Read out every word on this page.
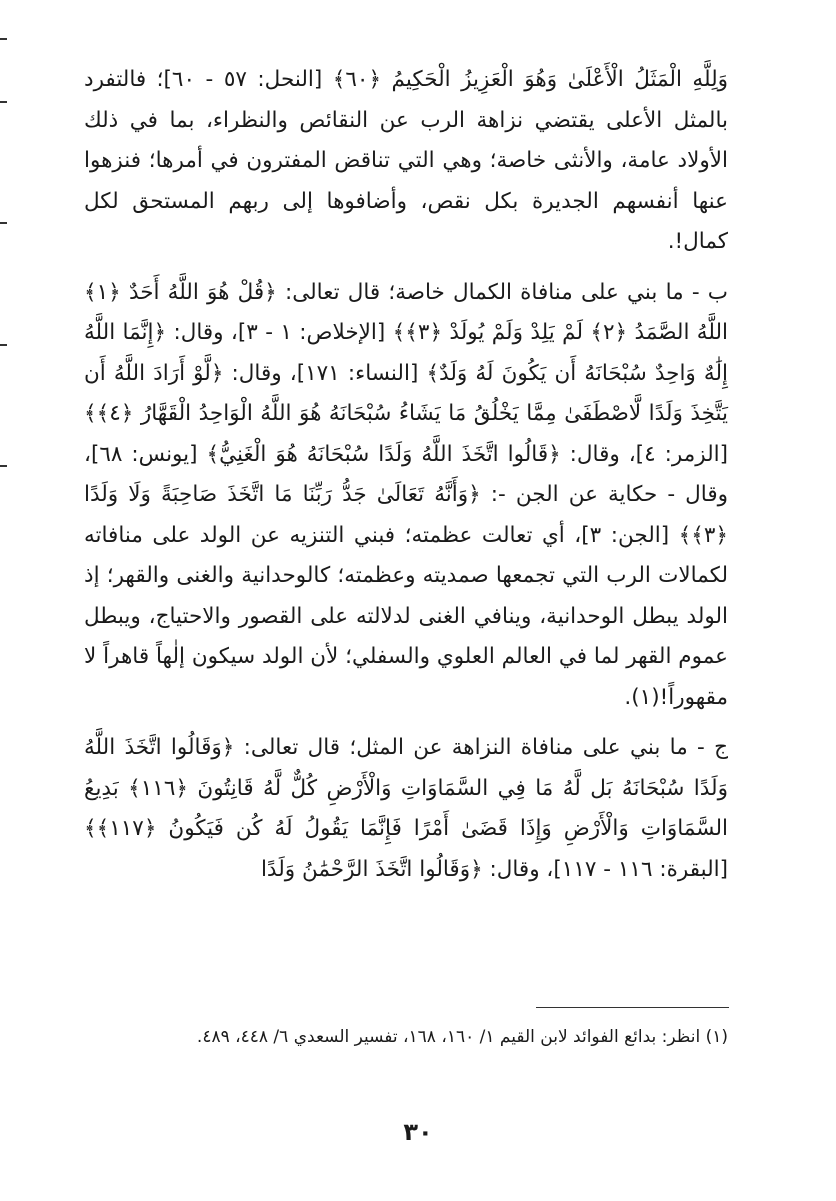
وَلِلَّهِ الْمَثَلُ الْأَعْلَىٰ وَهُوَ الْعَزِيزُ الْحَكِيمُ ﴿٦٠﴾ [النحل: ٥٧ - ٦٠]؛ فالتفرد بالمثل الأعلى يقتضي نزاهة الرب عن النقائص والنظراء، بما في ذلك الأولاد عامة، والأنثى خاصة؛ وهي التي تناقض المفترون في أمرها؛ فنزهوا عنها أنفسهم الجديرة بكل نقص، وأضافوها إلى ربهم المستحق لكل كمال!.

ب - ما بني على منافاة الكمال خاصة؛ قال تعالى: ﴿قُلْ هُوَ اللَّهُ أَحَدٌ ﴿١﴾ اللَّهُ الصَّمَدُ ﴿٢﴾ لَمْ يَلِدْ وَلَمْ يُولَدْ ﴿٣﴾﴾ [الإخلاص: ١ - ٣]، وقال: ﴿إِنَّمَا اللَّهُ إِلَٰهٌ وَاحِدٌ سُبْحَانَهُ أَن يَكُونَ لَهُ وَلَدٌ﴾ [النساء: ١٧١]، وقال: ﴿لَّوْ أَرَادَ اللَّهُ أَن يَتَّخِذَ وَلَدًا لَّاصْطَفَىٰ مِمَّا يَخْلُقُ مَا يَشَاءُ سُبْحَانَهُ هُوَ اللَّهُ الْوَاحِدُ الْقَهَّارُ ﴿٤﴾﴾ [الزمر: ٤]، وقال: ﴿قَالُوا اتَّخَذَ اللَّهُ وَلَدًا سُبْحَانَهُ هُوَ الْغَنِيُّ﴾ [يونس: ٦٨]، وقال - حكاية عن الجن -: ﴿وَأَنَّهُ تَعَالَىٰ جَدُّ رَبِّنَا مَا اتَّخَذَ صَاحِبَةً وَلَا وَلَدًا ﴿٣﴾﴾ [الجن: ٣]، أي تعالت عظمته؛ فبني التنزيه عن الولد على منافاته لكمالات الرب التي تجمعها صمديته وعظمته؛ كالوحدانية والغنى والقهر؛ إذ الولد يبطل الوحدانية، وينافي الغنى لدلالته على القصور والاحتياج، ويبطل عموم القهر لما في العالم العلوي والسفلي؛ لأن الولد سيكون إلٰهاً قاهراً لا مقهوراً!(١).

ج - ما بني على منافاة النزاهة عن المثل؛ قال تعالى: ﴿وَقَالُوا اتَّخَذَ اللَّهُ وَلَدًا سُبْحَانَهُ بَل لَّهُ مَا فِي السَّمَاوَاتِ وَالْأَرْضِ كُلٌّ لَّهُ قَانِتُونَ ﴿١١٦﴾ بَدِيعُ السَّمَاوَاتِ وَالْأَرْضِ وَإِذَا قَضَىٰ أَمْرًا فَإِنَّمَا يَقُولُ لَهُ كُن فَيَكُونُ ﴿١١٧﴾﴾ [البقرة: ١١٦ - ١١٧]، وقال: ﴿وَقَالُوا اتَّخَذَ الرَّحْمَٰنُ وَلَدًا

(١) انظر: بدائع الفوائد لابن القيم ١/ ١٦٠، ١٦٨، تفسير السعدي ٦/ ٤٤٨، ٤٨٩.

٣٠
